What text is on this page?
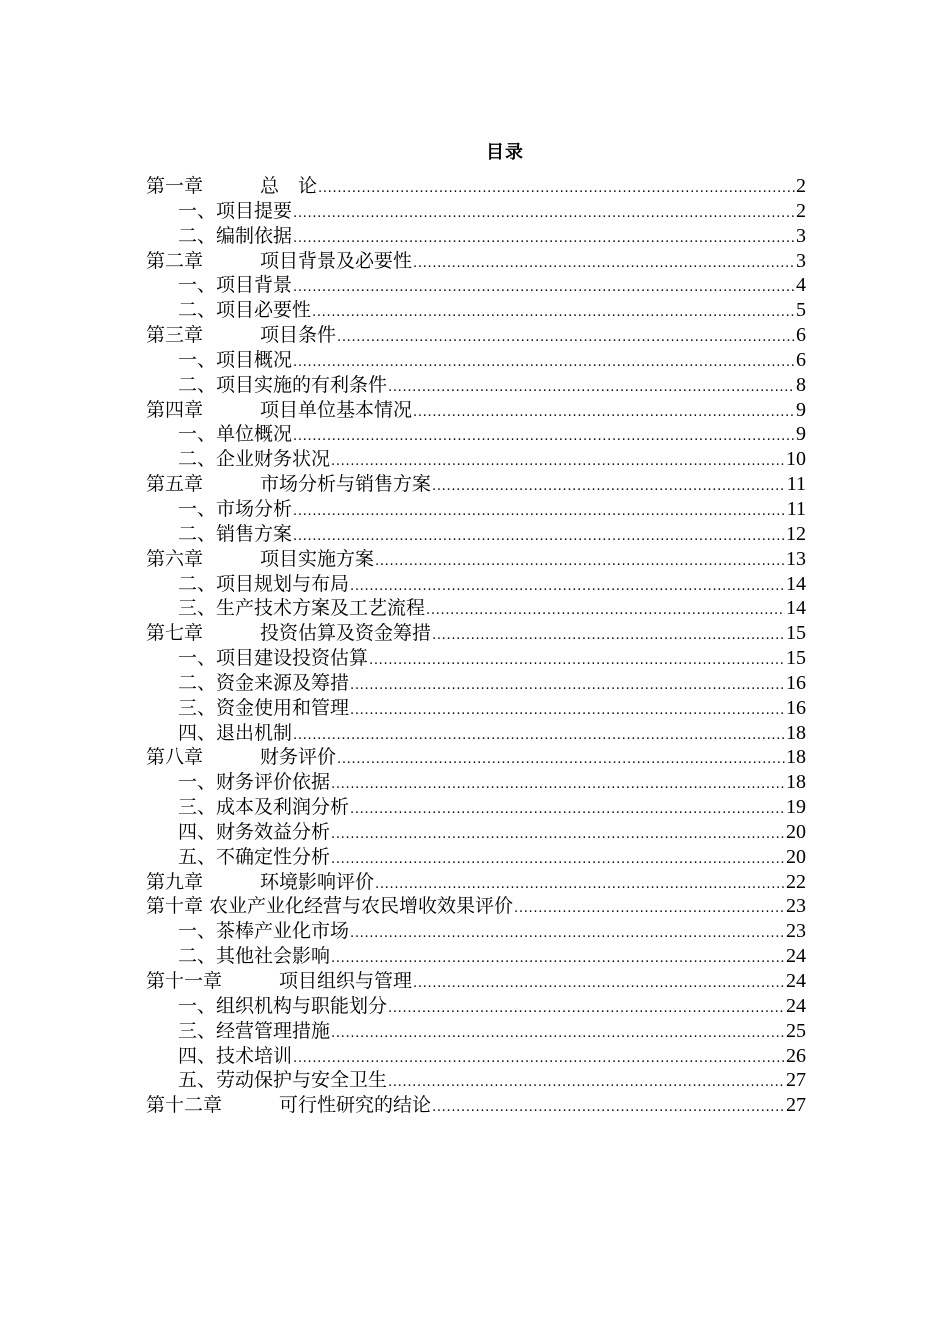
目录
第一章　　　总　论 .....	2
一、项目提要 .....	2
二、编制依据 .....	3
第二章　　　项目背景及必要性 .....	3
一、项目背景 .....	4
二、项目必要性 .....	5
第三章　　　项目条件 .....	6
一、项目概况 .....	6
二、项目实施的有利条件 .....	8
第四章　　　项目单位基本情况 .....	9
一、单位概况 .....	9
二、企业财务状况 .....	10
第五章　　　市场分析与销售方案 .....	11
一、市场分析 .....	11
二、销售方案 .....	12
第六章　　　项目实施方案 .....	13
二、项目规划与布局 .....	14
三、生产技术方案及工艺流程 .....	14
第七章　　　投资估算及资金筹措 .....	15
一、项目建设投资估算 .....	15
二、资金来源及筹措 .....	16
三、资金使用和管理 .....	16
四、退出机制 .....	18
第八章　　　财务评价 .....	18
一、财务评价依据 .....	18
三、成本及利润分析 .....	19
四、财务效益分析 .....	20
五、不确定性分析 .....	20
第九章　　　环境影响评价 .....	22
第十章 农业产业化经营与农民增收效果评价 .....	23
一、茶棒产业化市场 .....	23
二、其他社会影响 .....	24
第十一章　　　项目组织与管理 .....	24
一、组织机构与职能划分 .....	24
三、经营管理措施 .....	25
四、技术培训 .....	26
五、劳动保护与安全卫生 .....	27
第十二章　　　可行性研究的结论 .....	27
